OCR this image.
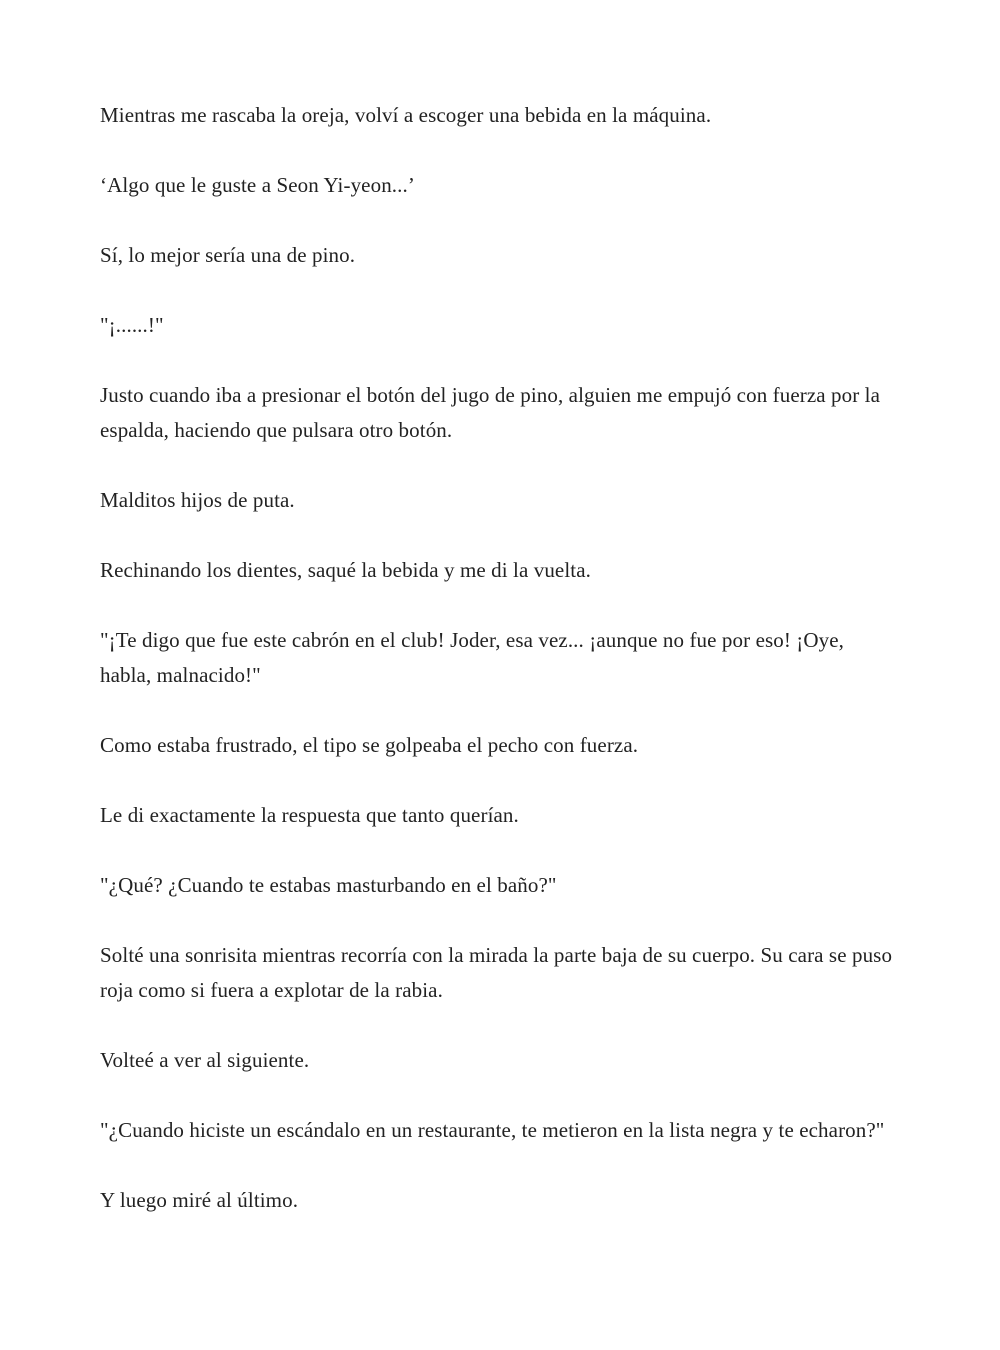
Mientras me rascaba la oreja, volví a escoger una bebida en la máquina.

‘Algo que le guste a Seon Yi-yeon...’

Sí, lo mejor sería una de pino.

"¡......!"

Justo cuando iba a presionar el botón del jugo de pino, alguien me empujó con fuerza por la espalda, haciendo que pulsara otro botón.

Malditos hijos de puta.

Rechinando los dientes, saqué la bebida y me di la vuelta.

"¡Te digo que fue este cabrón en el club! Joder, esa vez... ¡aunque no fue por eso! ¡Oye, habla, malnacido!"

Como estaba frustrado, el tipo se golpeaba el pecho con fuerza.

Le di exactamente la respuesta que tanto querían.

"¿Qué? ¿Cuando te estabas masturbando en el baño?"

Solté una sonrisita mientras recorría con la mirada la parte baja de su cuerpo. Su cara se puso roja como si fuera a explotar de la rabia.

Volteé a ver al siguiente.

"¿Cuando hiciste un escándalo en un restaurante, te metieron en la lista negra y te echaron?"

Y luego miré al último.
